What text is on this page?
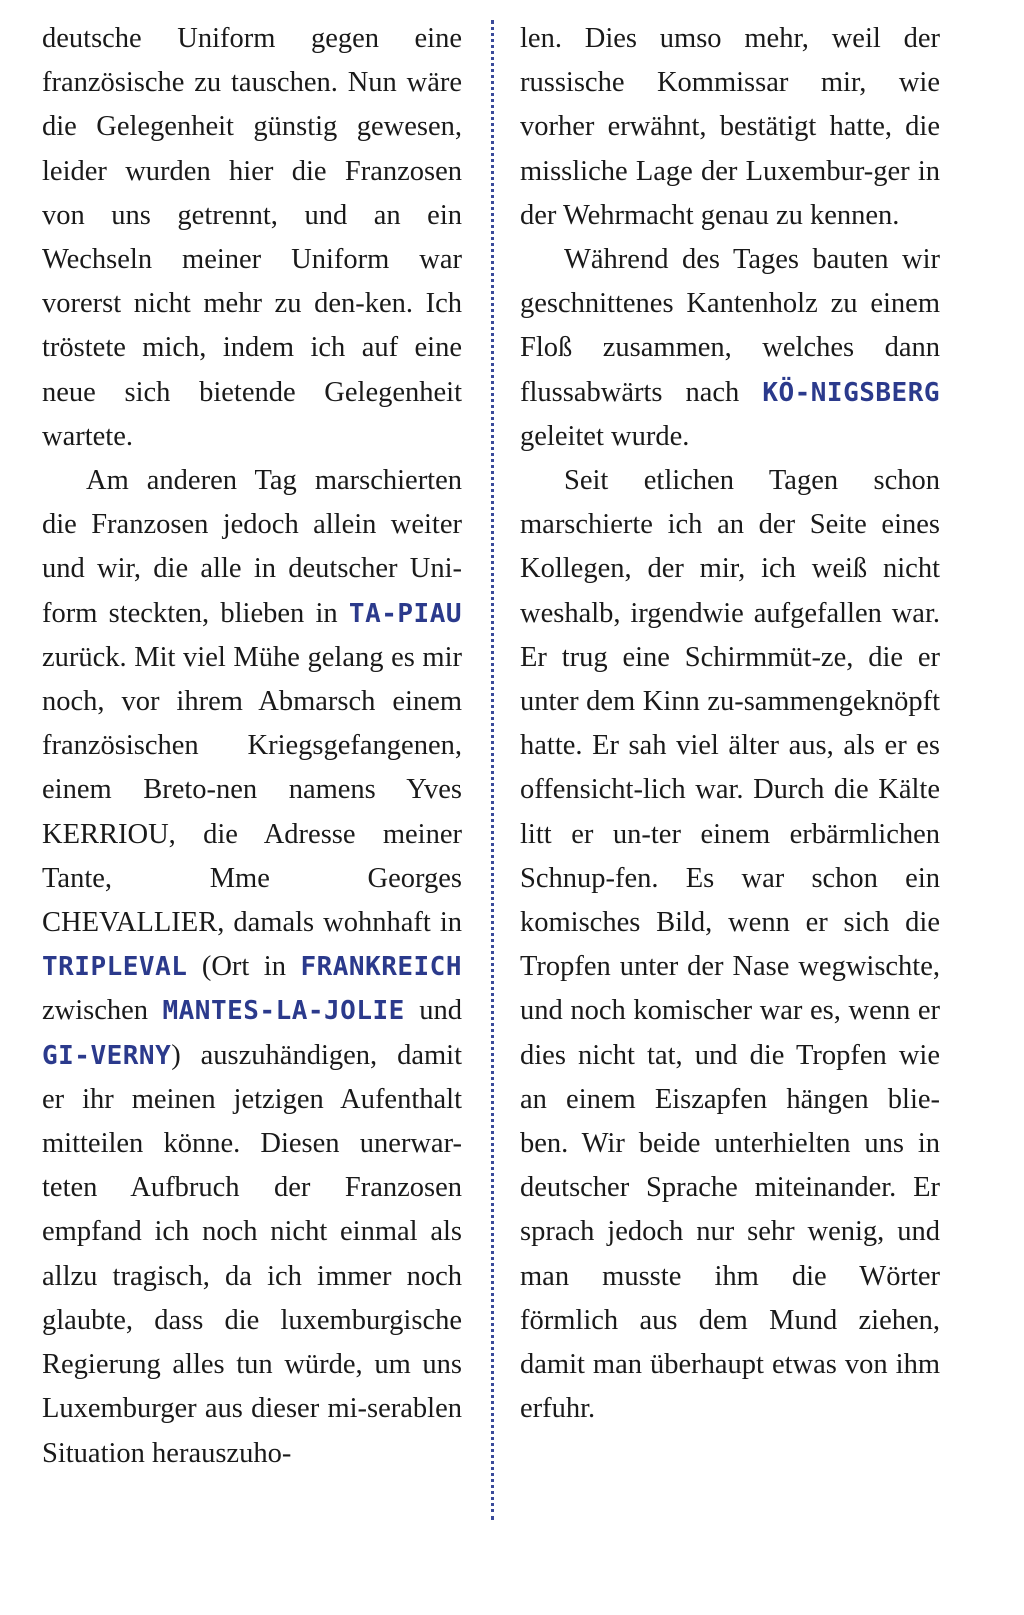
deutsche Uniform gegen eine französische zu tauschen. Nun wäre die Gelegenheit günstig gewesen, leider wurden hier die Franzosen von uns getrennt, und an ein Wechseln meiner Uniform war vorerst nicht mehr zu den-ken. Ich tröstete mich, indem ich auf eine neue sich bietende Gelegenheit wartete.

Am anderen Tag marschierten die Franzosen jedoch allein weiter und wir, die alle in deutscher Uni-form steckten, blieben in TA-PIAU zurück. Mit viel Mühe gelang es mir noch, vor ihrem Abmarsch einem französischen Kriegsgefangenen, einem Breto-nen namens Yves KERRIOU, die Adresse meiner Tante, Mme Georges CHEVALLIER, damals wohnhaft in TRIPLEVAL (Ort in FRANKREICH zwischen MANTES-LA-JOLIE und GI-VERNY) auszuhändigen, damit er ihr meinen jetzigen Aufenthalt mitteilen könne. Diesen unerwar-teten Aufbruch der Franzosen empfand ich noch nicht einmal als allzu tragisch, da ich immer noch glaubte, dass die luxemburgische Regierung alles tun würde, um uns Luxemburger aus dieser mi-serablen Situation herauszuho-

len. Dies umso mehr, weil der russische Kommissar mir, wie vorher erwähnt, bestätigt hatte, die missliche Lage der Luxembur-ger in der Wehrmacht genau zu kennen.

Während des Tages bauten wir geschnittenes Kantenholz zu einem Floß zusammen, welches dann flussabwärts nach KÖ-NIGSBERG geleitet wurde.

Seit etlichen Tagen schon marschierte ich an der Seite eines Kollegen, der mir, ich weiß nicht weshalb, irgendwie aufgefallen war. Er trug eine Schirmmüt-ze, die er unter dem Kinn zu-sammengeknöpft hatte. Er sah viel älter aus, als er es offensicht-lich war. Durch die Kälte litt er un-ter einem erbärmlichen Schnup-fen. Es war schon ein komisches Bild, wenn er sich die Tropfen unter der Nase wegwischte, und noch komischer war es, wenn er dies nicht tat, und die Tropfen wie an einem Eiszapfen hängen blie-ben. Wir beide unterhielten uns in deutscher Sprache miteinander. Er sprach jedoch nur sehr wenig, und man musste ihm die Wörter förmlich aus dem Mund ziehen, damit man überhaupt etwas von ihm erfuhr.
